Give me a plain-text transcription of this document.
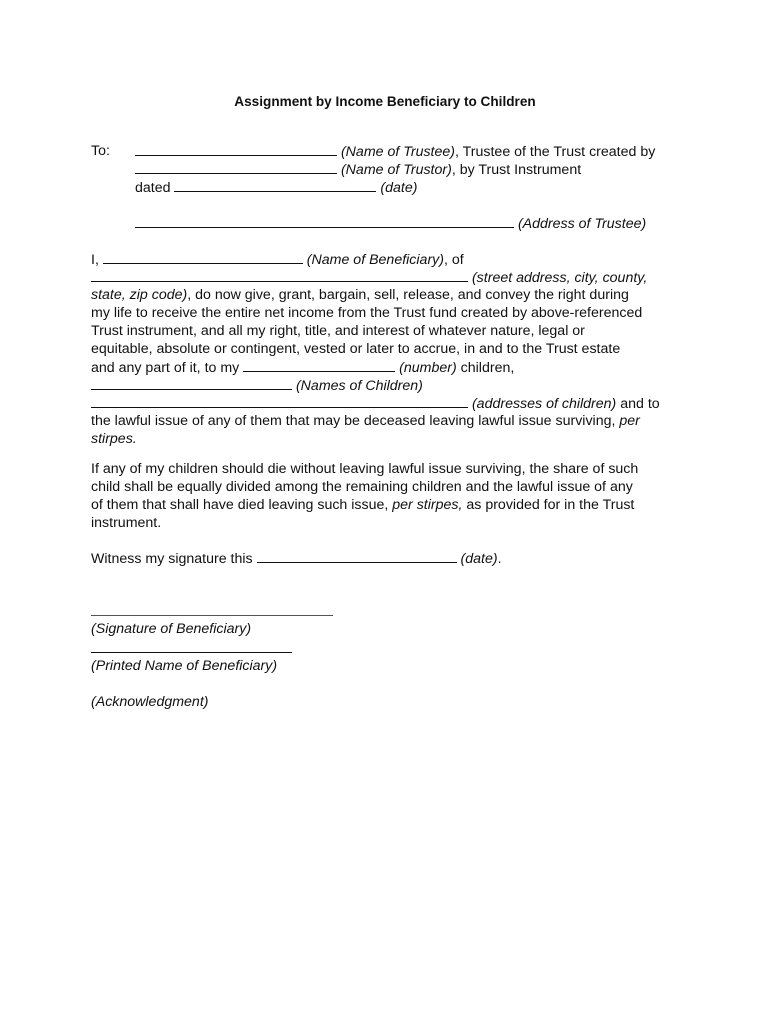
Assignment by Income Beneficiary to Children
To:	(Name of Trustee), Trustee of the Trust created by
(Name of Trustor), by Trust Instrument
dated	(date)
(Address of Trustee)
I,	(Name of Beneficiary), of
(street address, city, county,
state, zip code), do now give, grant, bargain, sell, release, and convey the right during
my life to receive the entire net income from the Trust fund created by above-referenced
Trust instrument, and all my right, title, and interest of whatever nature, legal or
equitable, absolute or contingent, vested or later to accrue, in and to the Trust estate
and any part of it, to my	(number) children,
(Names of Children)
(addresses of children) and to
the lawful issue of any of them that may be deceased leaving lawful issue surviving, per
stirpes.
If any of my children should die without leaving lawful issue surviving, the share of such
child shall be equally divided among the remaining children and the lawful issue of any
of them that shall have died leaving such issue, per stirpes, as provided for in the Trust
instrument.
Witness my signature this	(date).
(Signature of Beneficiary)
(Printed Name of Beneficiary)
(Acknowledgment)
